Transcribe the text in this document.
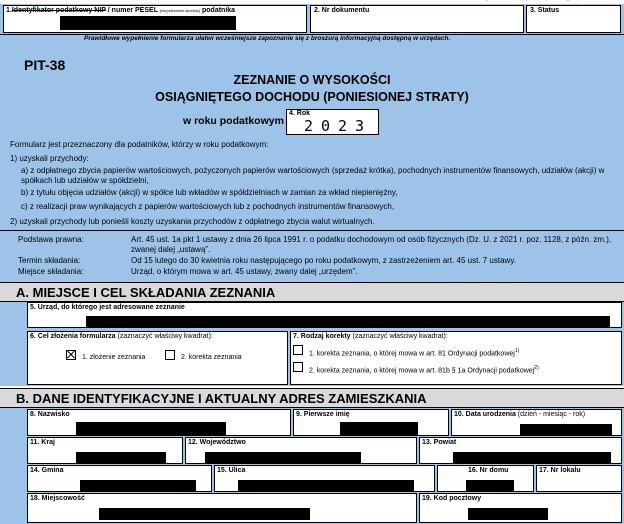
1.Identyfikator podatkowy NIP / numer PESEL (niepotrzebne skreślić) podatnika	2. Nr dokumentu	3. Status
Prawidłowe wypełnienie formularza ułatwi wcześniejsze zapoznanie się z broszurą informacyjną dostępną w urzędach.
PIT-38
ZEZNANIE O WYSOKOŚCI
OSIĄGNIĘTEGO DOCHODU (PONIESIONEJ STRATY)
w roku podatkowym
4. Rok
2 0 2 3
Formularz jest przeznaczony dla podatników, którzy w roku podatkowym:
1) uzyskali przychody:
a) z odpłatnego zbycia papierów wartościowych, pożyczonych papierów wartościowych (sprzedaż krótka), pochodnych instrumentów finansowych, udziałów (akcji) w spółkach lub udziałów w spółdzielni,
b) z tytułu objęcia udziałów (akcji) w spółce lub wkładów w spółdzielniach w zamian za wkład niepieniężny,
c) z realizacji praw wynikających z papierów wartościowych lub z pochodnych instrumentów finansowych,
2) uzyskali przychody lub ponieśli koszty uzyskania przychodów z odpłatnego zbycia walut wirtualnych.
Podstawa prawna:	Art. 45 ust. 1a pkt 1 ustawy z dnia 26 lipca 1991 r. o podatku dochodowym od osób fizycznych (Dz. U. z 2021 r. poz. 1128, z późn. zm.), zwanej dalej „ustawą”.
Termin składania:	Od 15 lutego do 30 kwietnia roku następującego po roku podatkowym, z zastrzeżeniem art. 45 ust. 7 ustawy.
Miejsce składania:	Urząd, o którym mowa w art. 45 ustawy, zwany dalej „urzędem”.
A. MIEJSCE I CEL SKŁADANIA ZEZNANIA
5. Urząd, do którego jest adresowane zeznanie
6. Cel złożenia formularza (zaznaczyć właściwy kwadrat):
1. złożenie zeznania	2. korekta zeznania
7. Rodzaj korekty (zaznaczyć właściwy kwadrat):
1. korekta zeznania, o której mowa w art. 81 Ordynacji podatkowej$^{1)}$
2. korekta zeznania, o której mowa w art. 81b § 1a Ordynacji podatkowej$^{2)}$
B. DANE IDENTYFIKACYJNE I AKTUALNY ADRES ZAMIESZKANIA
8. Nazwisko	9. Pierwsze imię	10. Data urodzenia (dzień - miesiąc - rok)
11. Kraj	12. Województwo	13. Powiat
14. Gmina	15. Ulica	16. Nr domu	17. Nr lokalu
18. Miejscowość	19. Kod pocztowy
